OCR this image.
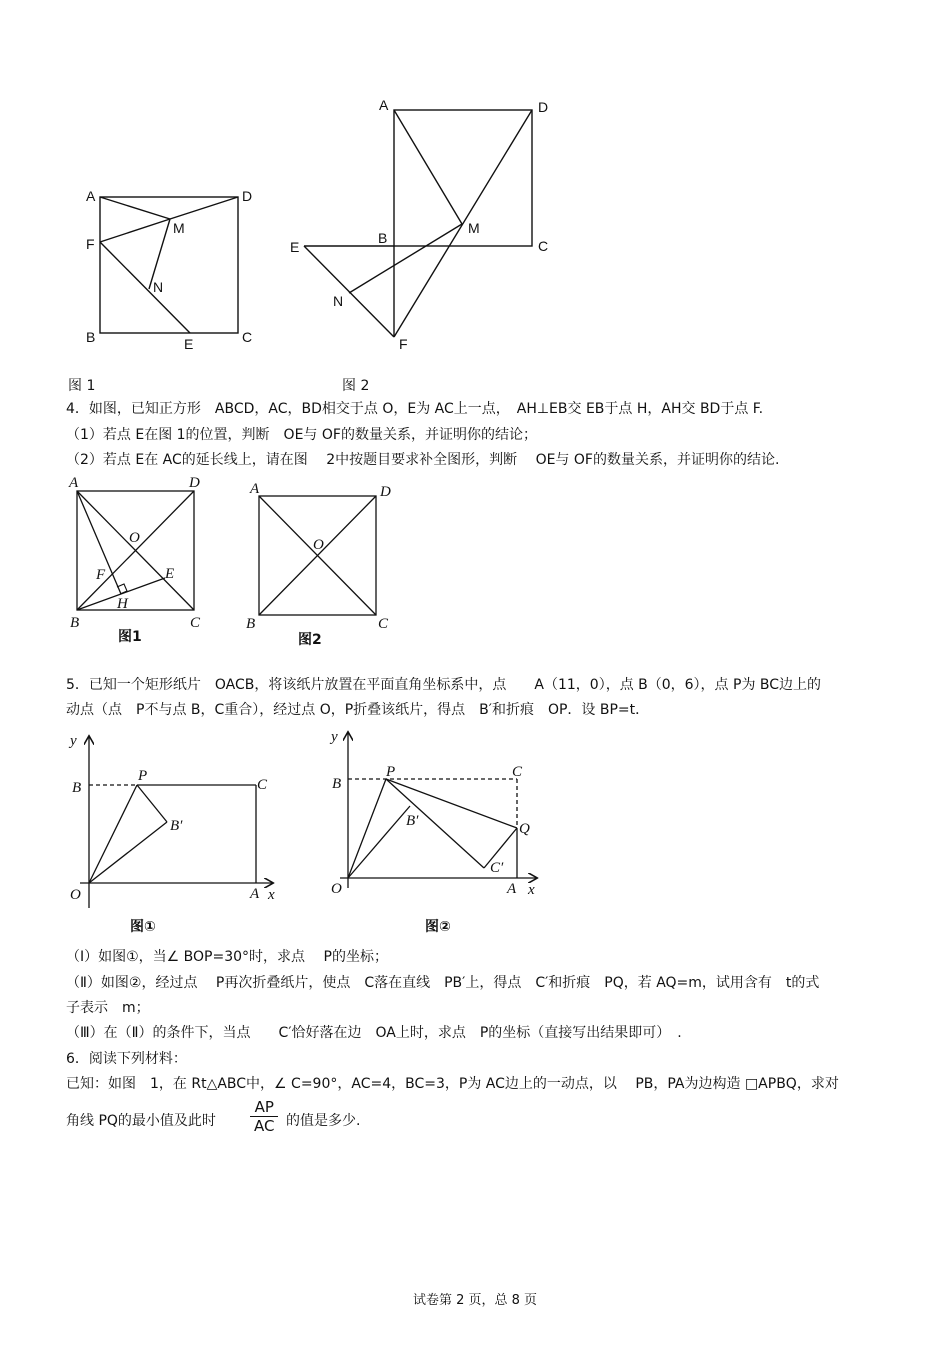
A	D
M
F
N
B	E	C
图 1
A	D
B
M
C
E
N
F
图 2
4．如图，已知正方形　ABCD，AC，BD相交于点 O，E为 AC上一点，　AH⊥EB交 EB于点 H，AH交 BD于点 F.
（1）若点 E在图 1的位置，判断　OE与 OF的数量关系，并证明你的结论；
（2）若点 E在 AC的延长线上，请在图　 2中按题目要求补全图形，判断　 OE与 OF的数量关系，并证明你的结论.
A	D
O
F	E
H
B	C
图1
A	D
O
B	C
图2
5．已知一个矩形纸片　OACB，将该纸片放置在平面直角坐标系中，点　　A（11，0），点 B（0，6），点 P为 BC边上的
动点（点　P不与点 B，C重合），经过点 O，P折叠该纸片，得点　B′和折痕　OP．设 BP=t．
y
B
P
C
B′
O	A x
图①
y
B
P	C
B′	Q
C′
O	A x
图②
（Ⅰ）如图①，当∠ BOP=30°时，求点　 P的坐标；
（Ⅱ）如图②，经过点　 P再次折叠纸片，使点　C落在直线　PB′上，得点　C′和折痕　PQ，若 AQ=m，试用含有　t的式
子表示　m；
（Ⅲ）在（Ⅱ）的条件下，当点　　C′恰好落在边　OA上时，求点　P的坐标（直接写出结果即可）　.
6．阅读下列材料：
已知：如图　1，在 Rt△ABC中，∠ C=90°，AC=4，BC=3，P为 AC边上的一动点，以　 PB，PA为边构造 □APBQ，求对
角线 PQ的最小值及此时 $\frac{AP}{AC}$ 的值是多少.
试卷第 2 页，总 8 页
